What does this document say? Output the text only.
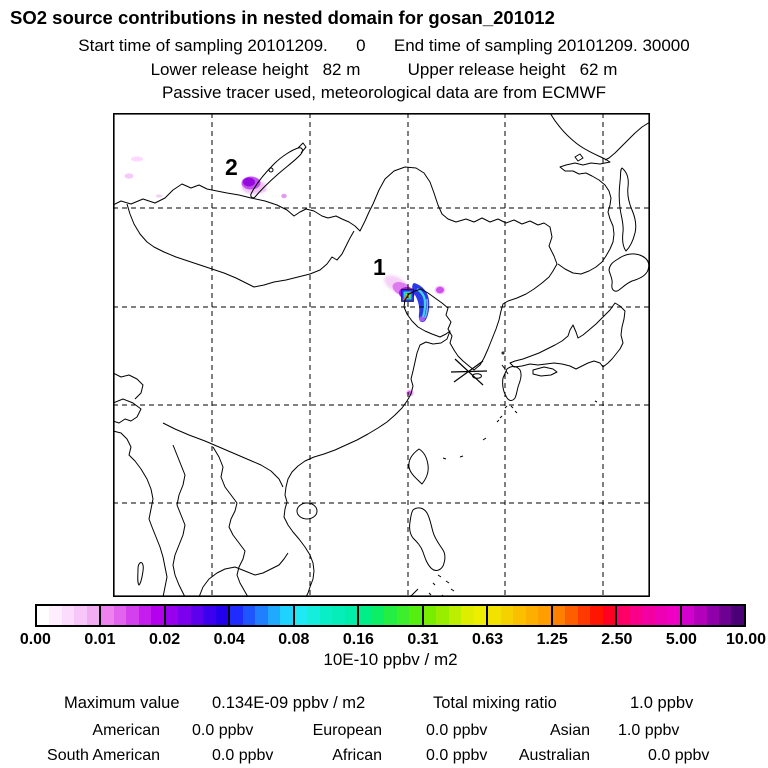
SO2 source contributions in nested domain for gosan_201012
Start time of sampling 20101209.      0      End time of sampling 20101209. 30000
Lower release height   82 m          Upper release height   62 m
Passive tracer used, meteorological data are from ECMWF
2
1
0.00	0.01	0.02	0.04	0.08	0.16	0.31	0.63	1.25	2.50	5.00	10.00
10E-10 ppbv / m2
Maximum value 0.134E-09 ppbv / m2	Total mixing ratio	1.0 ppbv
American 0.0 ppbv	European	0.0 ppbv	Asian 1.0 ppbv
South American	0.0 ppbv	African	0.0 ppbv	Australian	0.0 ppbv
